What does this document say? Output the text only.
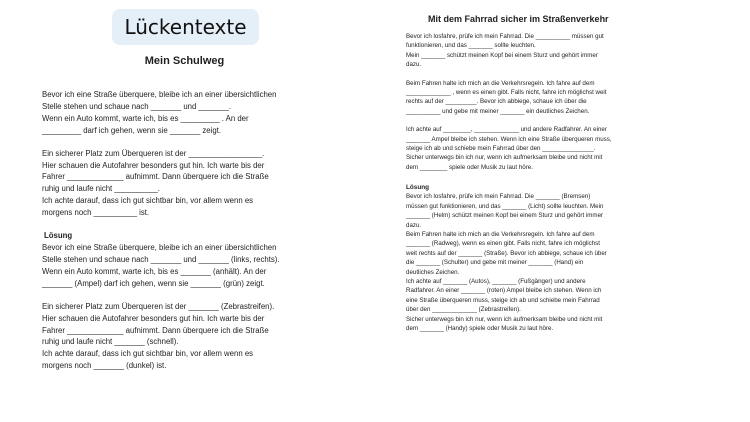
Lückentexte
Mein Schulweg

Bevor ich eine Straße überquere, bleibe ich an einer übersichtlichen
Stelle stehen und schaue nach _______ und _______.
Wenn ein Auto kommt, warte ich, bis es _________ . An der
_________ darf ich gehen, wenn sie _______ zeigt.

Ein sicherer Platz zum Überqueren ist der _________________.
Hier schauen die Autofahrer besonders gut hin. Ich warte bis der
Fahrer _____________ aufnimmt. Dann überquere ich die Straße
ruhig und laufe nicht __________.
Ich achte darauf, dass ich gut sichtbar bin, vor allem wenn es
morgens noch __________ ist.

Lösung

Bevor ich eine Straße überquere, bleibe ich an einer übersichtlichen
Stelle stehen und schaue nach _______ und _______ (links, rechts).
Wenn ein Auto kommt, warte ich, bis es _______ (anhält). An der
_______ (Ampel) darf ich gehen, wenn sie _______ (grün) zeigt.

Ein sicherer Platz zum Überqueren ist der _______ (Zebrastreifen).
Hier schauen die Autofahrer besonders gut hin. Ich warte bis der
Fahrer _____________ aufnimmt. Dann überquere ich die Straße
ruhig und laufe nicht _______ (schnell).
Ich achte darauf, dass ich gut sichtbar bin, vor allem wenn es
morgens noch _______ (dunkel) ist.

Mit dem Fahrrad sicher im Straßenverkehr

Bevor ich losfahre, prüfe ich mein Fahrrad. Die __________ müssen gut
funktionieren, und das _______ sollte leuchten.
Mein _______ schützt meinen Kopf bei einem Sturz und gehört immer
dazu.

Beim Fahren halte ich mich an die Verkehrsregeln. Ich fahre auf dem
_____________ , wenn es einen gibt. Falls nicht, fahre ich möglichst weit
rechts auf der _________. Bevor ich abbiege, schaue ich über die
__________ und gebe mit meiner _______ ein deutliches Zeichen.

Ich achte auf ________, _____________ und andere Radfahrer. An einer
_______ Ampel bleibe ich stehen. Wenn ich eine Straße überqueren muss,
steige ich ab und schiebe mein Fahrrad über den _______________.
Sicher unterwegs bin ich nur, wenn ich aufmerksam bleibe und nicht mit
dem ________ spiele oder Musik zu laut höre.

Lösung

Bevor ich losfahre, prüfe ich mein Fahrrad. Die _______ (Bremsen)
müssen gut funktionieren, und das _______ (Licht) sollte leuchten. Mein
_______ (Helm) schützt meinen Kopf bei einem Sturz und gehört immer
dazu.
Beim Fahren halte ich mich an die Verkehrsregeln. Ich fahre auf dem
_______ (Radweg), wenn es einen gibt. Falls nicht, fahre ich möglichst
weit rechts auf der _______ (Straße). Bevor ich abbiege, schaue ich über
die _______ (Schulter) und gebe mit meiner _______ (Hand) ein
deutliches Zeichen.
Ich achte auf _______ (Autos), _______ (Fußgänger) und andere
Radfahrer. An einer _______ (roten) Ampel bleibe ich stehen. Wenn ich
eine Straße überqueren muss, steige ich ab und schiebe mein Fahrrad
über den _____________ (Zebrastreifen).
Sicher unterwegs bin ich nur, wenn ich aufmerksam bleibe und nicht mit
dem _______ (Handy) spiele oder Musik zu laut höre.
